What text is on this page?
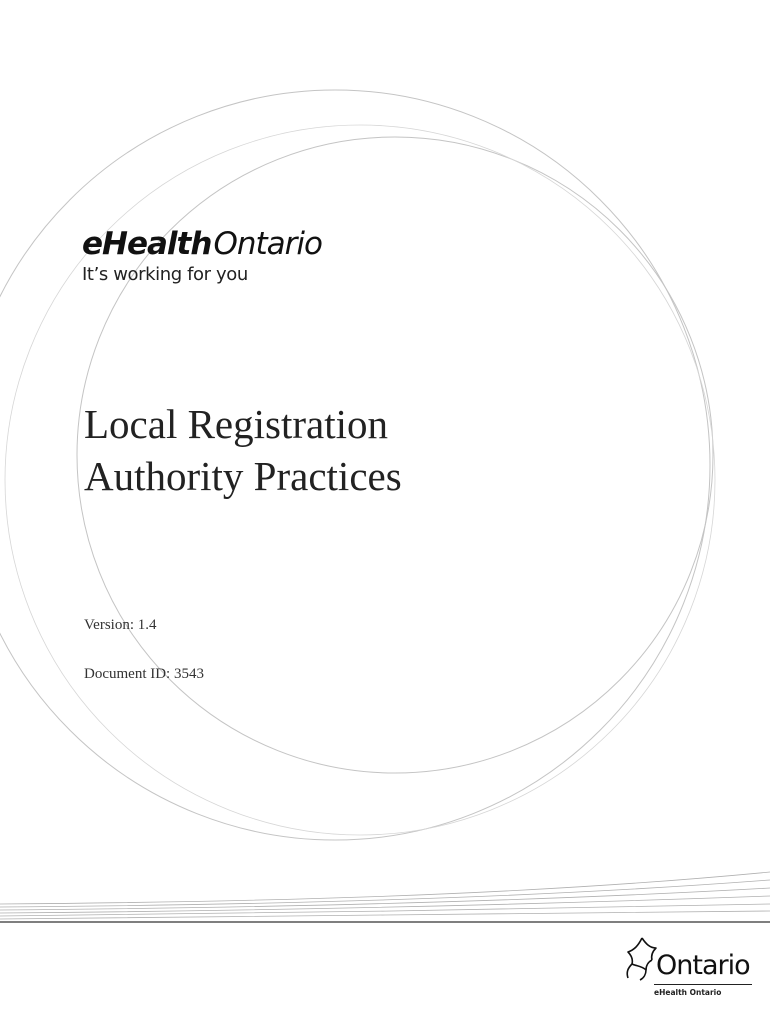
eHealthOntario
It’s working for you
Local Registration
Authority Practices
Version: 1.4
Document ID: 3543
Ontario
eHealth Ontario
